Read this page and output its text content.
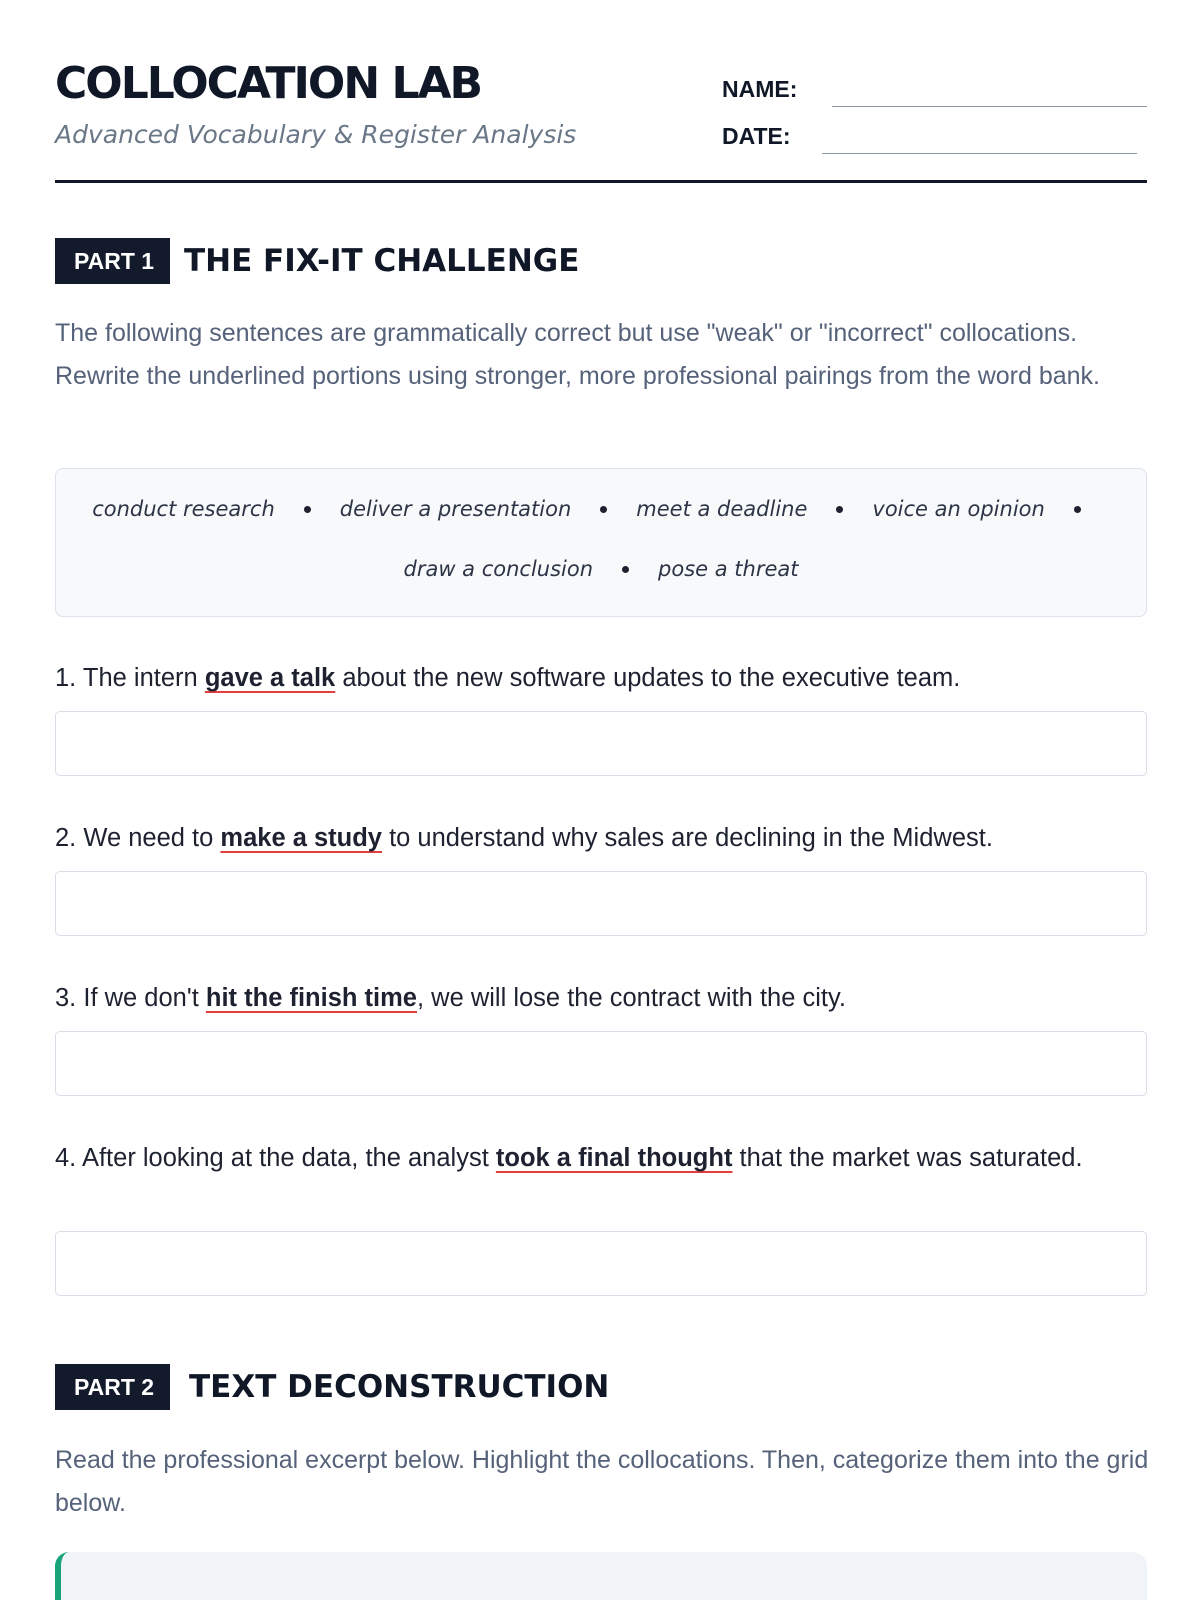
COLLOCATION LAB
Advanced Vocabulary & Register Analysis
NAME:
DATE:
PART 1 THE FIX-IT CHALLENGE
The following sentences are grammatically correct but use "weak" or "incorrect" collocations. Rewrite the underlined portions using stronger, more professional pairings from the word bank.
conduct research	deliver a presentation	meet a deadline	voice an opinion
draw a conclusion	pose a threat
1. The intern gave a talk about the new software updates to the executive team.
2. We need to make a study to understand why sales are declining in the Midwest.
3. If we don't hit the finish time, we will lose the contract with the city.
4. After looking at the data, the analyst took a final thought that the market was saturated.
PART 2	TEXT DECONSTRUCTION
Read the professional excerpt below. Highlight the collocations. Then, categorize them into the grid below.
